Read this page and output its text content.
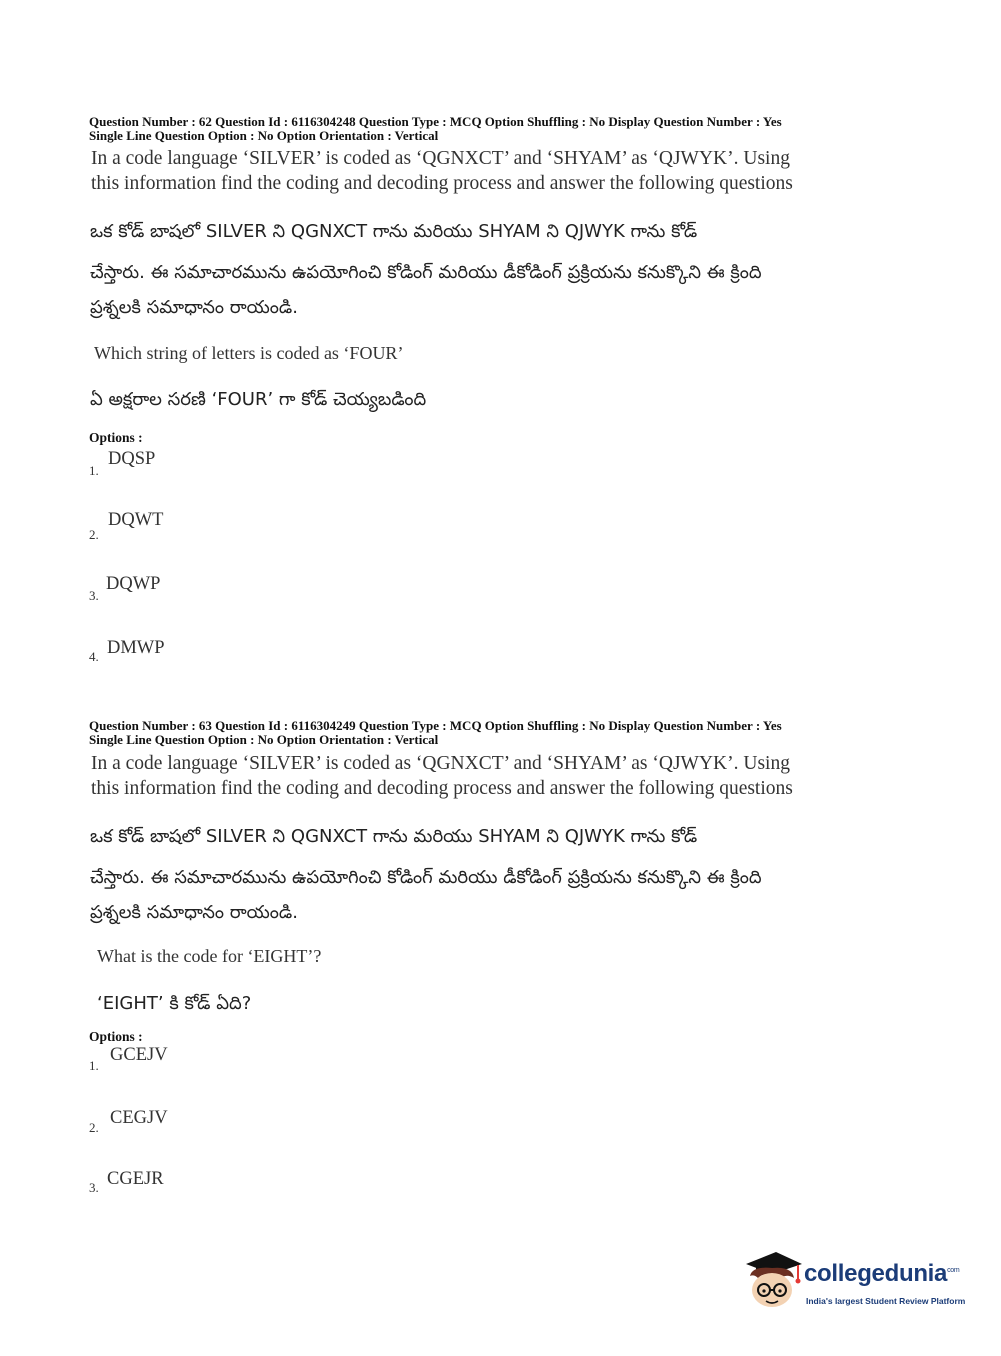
Question Number : 62 Question Id : 6116304248 Question Type : MCQ Option Shuffling : No Display Question Number : Yes
Single Line Question Option : No Option Orientation : Vertical
In a code language ‘SILVER’ is coded as ‘QGNXCT’ and ‘SHYAM’ as ‘QJWYK’. Using
this information find the coding and decoding process and answer the following questions
ఒక కోడ్ బాషలో SILVER ని QGNXCT గాను మరియు SHYAM ని QJWYK గాను కోడ్
చేస్తారు. ఈ సమాచారమును ఉపయోగించి కోడింగ్ మరియు డీకోడింగ్ ప్రక్రియను కనుక్కొని ఈ క్రింది
ప్రశ్నలకి సమాధానం రాయండి.
Which string of letters is coded as ‘FOUR’
ఏ అక్షరాల సరణి ‘FOUR’ గా కోడ్ చెయ్యబడింది
Options :
1.
DQSP
2.
DQWT
3.
DQWP
4. DMWP
Question Number : 63 Question Id : 6116304249 Question Type : MCQ Option Shuffling : No Display Question Number : Yes
Single Line Question Option : No Option Orientation : Vertical
In a code language ‘SILVER’ is coded as ‘QGNXCT’ and ‘SHYAM’ as ‘QJWYK’. Using
this information find the coding and decoding process and answer the following questions
ఒక కోడ్ బాషలో SILVER ని QGNXCT గాను మరియు SHYAM ని QJWYK గాను కోడ్
చేస్తారు. ఈ సమాచారమును ఉపయోగించి కోడింగ్ మరియు డీకోడింగ్ ప్రక్రియను కనుక్కొని ఈ క్రింది
ప్రశ్నలకి సమాధానం రాయండి.
What is the code for ‘EIGHT’?
‘EIGHT’ కి కోడ్ ఏది?
Options :
1.
GCEJV
2. CEGJV
3. CGEJR
collegedunia$^{com}$
India's largest Student Review Platform
